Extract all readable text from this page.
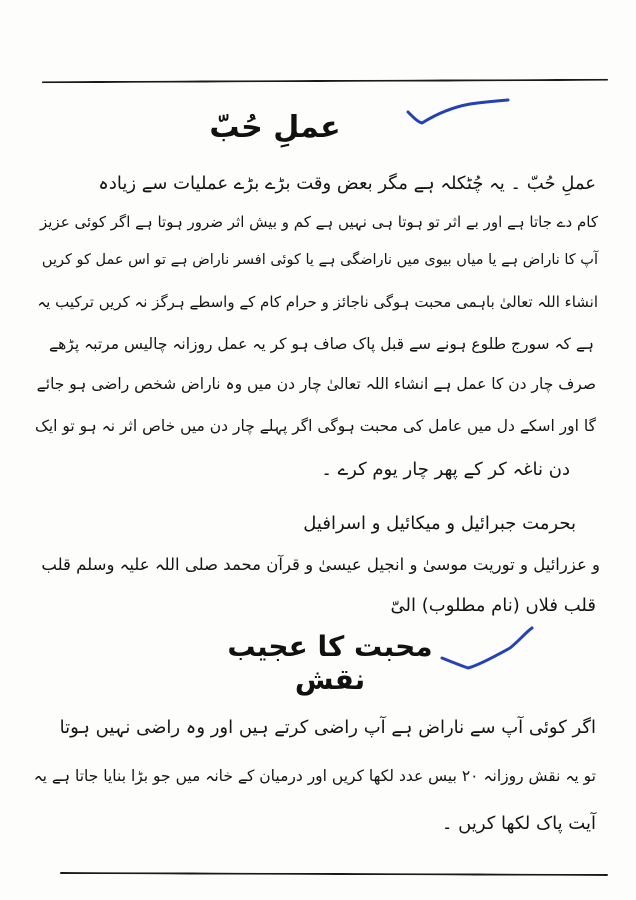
عملِ حُبّ
عملِ حُبّ ۔ یہ چُٹکلہ ہے مگر بعض وقت بڑے بڑے عملیات سے زیادہ
کام دے جاتا ہے اور بے اثر تو ہوتا ہی نہیں ہے کم و بیش اثر ضرور ہوتا ہے اگر کوئی عزیز
آپ کا ناراض ہے یا میاں بیوی میں ناراضگی ہے یا کوئی افسر ناراض ہے تو اس عمل کو کریں
انشاء اللہ تعالیٰ باہمی محبت ہوگی ناجائز و حرام کام کے واسطے ہرگز نہ کریں ترکیب یہ
ہے کہ سورج طلوع ہونے سے قبل پاک صاف ہو کر یہ عمل روزانہ چالیس مرتبہ پڑھے
صرف چار دن کا عمل ہے انشاء اللہ تعالیٰ چار دن میں وہ ناراض شخص راضی ہو جائے
گا اور اسکے دل میں عامل کی محبت ہوگی اگر پہلے چار دن میں خاص اثر نہ ہو تو ایک
دن ناغہ کر کے پھر چار یوم کرے ۔
بحرمت جبرائیل و میکائیل و اسرافیل
و عزرائیل و توریت موسیٰ و انجیل عیسیٰ و قرآن محمد صلی اللہ علیہ وسلم قلب
قلب فلاں (نام مطلوب) الیّ
محبت کا عجیب نقش
اگر کوئی آپ سے ناراض ہے آپ راضی کرتے ہیں اور وہ راضی نہیں ہوتا
تو یہ نقش روزانہ ۲۰ بیس عدد لکھا کریں اور درمیان کے خانہ میں جو بڑا بنایا جاتا ہے یہ
آیت پاک لکھا کریں ۔
